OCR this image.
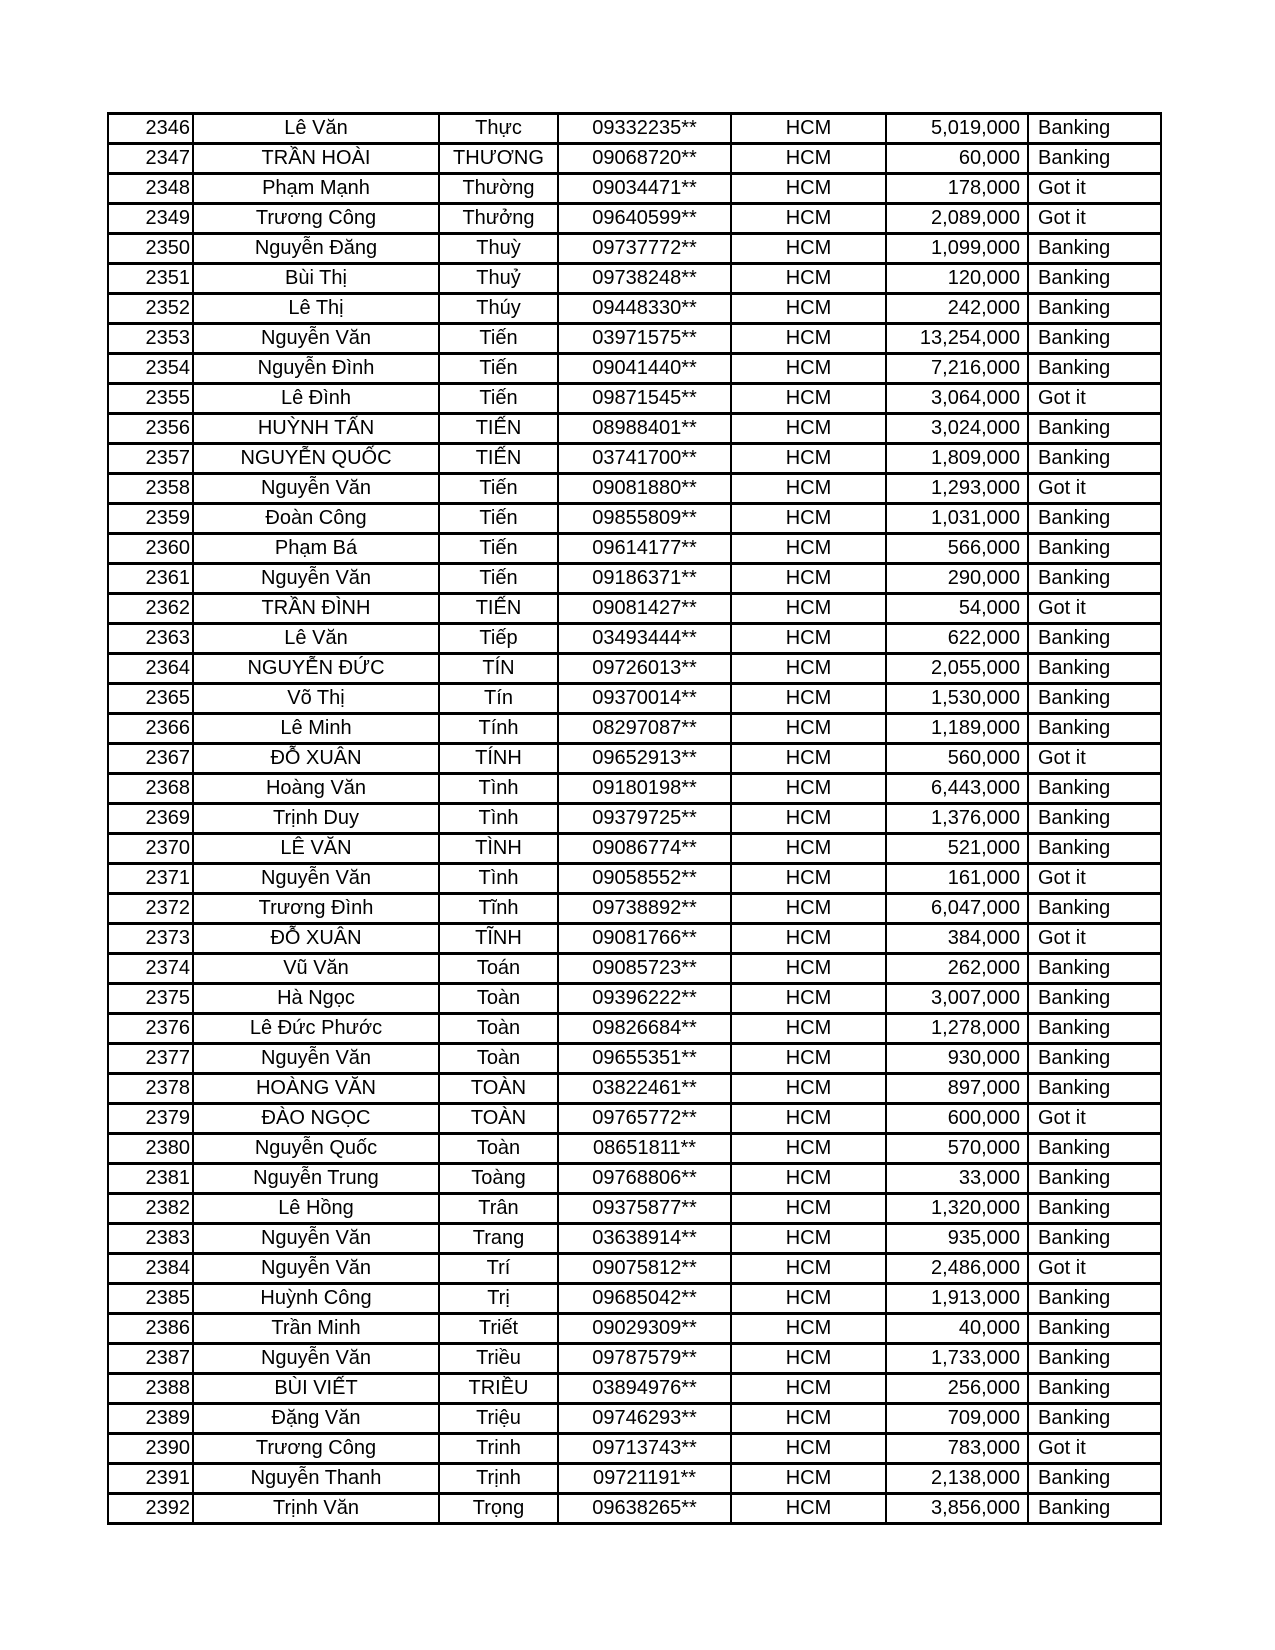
2346	Lê Văn	Thực	09332235**	HCM	5,019,000	Banking
2347	TRẦN HOÀI	THƯƠNG	09068720**	HCM	60,000	Banking
2348	Phạm Mạnh	Thường	09034471**	HCM	178,000	Got it
2349	Trương Công	Thưởng	09640599**	HCM	2,089,000	Got it
2350	Nguyễn Đăng	Thuỳ	09737772**	HCM	1,099,000	Banking
2351	Bùi Thị	Thuỷ	09738248**	HCM	120,000	Banking
2352	Lê Thị	Thúy	09448330**	HCM	242,000	Banking
2353	Nguyễn Văn	Tiến	03971575**	HCM	13,254,000	Banking
2354	Nguyễn Đình	Tiến	09041440**	HCM	7,216,000	Banking
2355	Lê Đình	Tiến	09871545**	HCM	3,064,000	Got it
2356	HUỲNH TẤN	TIẾN	08988401**	HCM	3,024,000	Banking
2357	NGUYỄN QUỐC	TIẾN	03741700**	HCM	1,809,000	Banking
2358	Nguyễn Văn	Tiến	09081880**	HCM	1,293,000	Got it
2359	Đoàn Công	Tiến	09855809**	HCM	1,031,000	Banking
2360	Phạm Bá	Tiến	09614177**	HCM	566,000	Banking
2361	Nguyễn Văn	Tiến	09186371**	HCM	290,000	Banking
2362	TRẦN ĐÌNH	TIẾN	09081427**	HCM	54,000	Got it
2363	Lê Văn	Tiếp	03493444**	HCM	622,000	Banking
2364	NGUYỄN ĐỨC	TÍN	09726013**	HCM	2,055,000	Banking
2365	Võ Thị	Tín	09370014**	HCM	1,530,000	Banking
2366	Lê Minh	Tính	08297087**	HCM	1,189,000	Banking
2367	ĐỖ XUÂN	TÍNH	09652913**	HCM	560,000	Got it
2368	Hoàng Văn	Tình	09180198**	HCM	6,443,000	Banking
2369	Trịnh Duy	Tình	09379725**	HCM	1,376,000	Banking
2370	LÊ VĂN	TÌNH	09086774**	HCM	521,000	Banking
2371	Nguyễn Văn	Tình	09058552**	HCM	161,000	Got it
2372	Trương Đình	Tĩnh	09738892**	HCM	6,047,000	Banking
2373	ĐỖ XUÂN	TĨNH	09081766**	HCM	384,000	Got it
2374	Vũ Văn	Toán	09085723**	HCM	262,000	Banking
2375	Hà Ngọc	Toàn	09396222**	HCM	3,007,000	Banking
2376	Lê Đức Phước	Toàn	09826684**	HCM	1,278,000	Banking
2377	Nguyễn Văn	Toàn	09655351**	HCM	930,000	Banking
2378	HOÀNG VĂN	TOÀN	03822461**	HCM	897,000	Banking
2379	ĐÀO NGỌC	TOÀN	09765772**	HCM	600,000	Got it
2380	Nguyễn Quốc	Toàn	08651811**	HCM	570,000	Banking
2381	Nguyễn Trung	Toàng	09768806**	HCM	33,000	Banking
2382	Lê Hồng	Trân	09375877**	HCM	1,320,000	Banking
2383	Nguyễn Văn	Trang	03638914**	HCM	935,000	Banking
2384	Nguyễn Văn	Trí	09075812**	HCM	2,486,000	Got it
2385	Huỳnh Công	Trị	09685042**	HCM	1,913,000	Banking
2386	Trần Minh	Triết	09029309**	HCM	40,000	Banking
2387	Nguyễn Văn	Triều	09787579**	HCM	1,733,000	Banking
2388	BÙI VIẾT	TRIỀU	03894976**	HCM	256,000	Banking
2389	Đặng Văn	Triệu	09746293**	HCM	709,000	Banking
2390	Trương Công	Trinh	09713743**	HCM	783,000	Got it
2391	Nguyễn Thanh	Trịnh	09721191**	HCM	2,138,000	Banking
2392	Trịnh Văn	Trọng	09638265**	HCM	3,856,000	Banking
